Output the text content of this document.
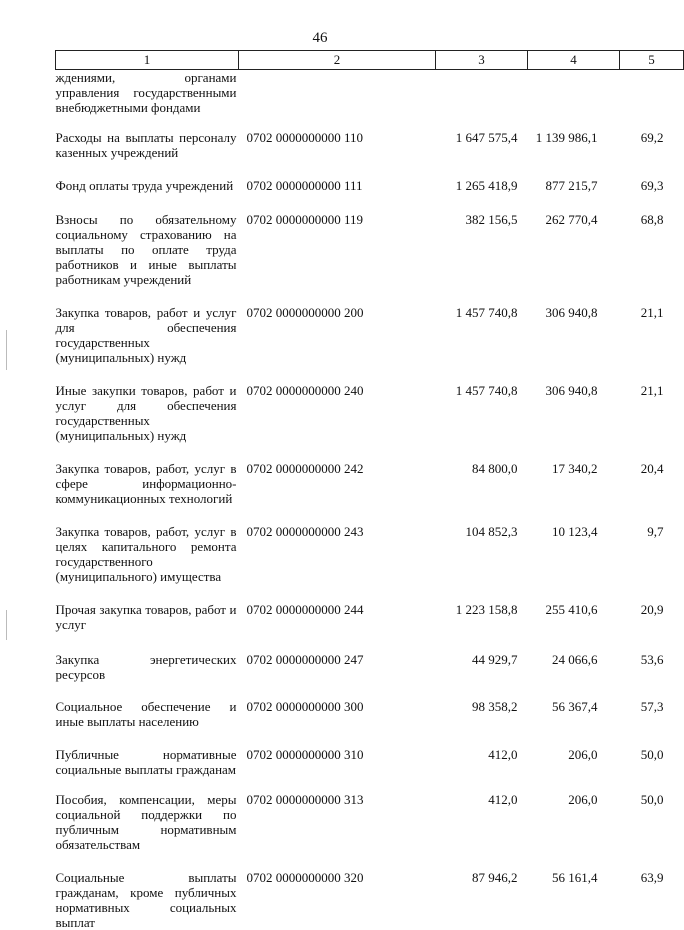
46
1	2	3	4	5
ждениями, органами управления государственными внебюджетными фондами				
Расходы на выплаты персоналу казенных учреждений	0702 0000000000 110	1 647 575,4	1 139 986,1	69,2
Фонд оплаты труда учреждений	0702 0000000000 111	1 265 418,9	877 215,7	69,3
Взносы по обязательному социальному страхованию на выплаты по оплате труда работников и иные выплаты работникам учреждений	0702 0000000000 119	382 156,5	262 770,4	68,8
Закупка товаров, работ и услуг для обеспечения государственных (муниципальных) нужд	0702 0000000000 200	1 457 740,8	306 940,8	21,1
Иные закупки товаров, работ и услуг для обеспечения государственных (муниципальных) нужд	0702 0000000000 240	1 457 740,8	306 940,8	21,1
Закупка товаров, работ, услуг в сфере информационно-коммуникационных технологий	0702 0000000000 242	84 800,0	17 340,2	20,4
Закупка товаров, работ, услуг в целях капитального ремонта государственного (муниципального) имущества	0702 0000000000 243	104 852,3	10 123,4	9,7
Прочая закупка товаров, работ и услуг	0702 0000000000 244	1 223 158,8	255 410,6	20,9
Закупка энергетических ресурсов	0702 0000000000 247	44 929,7	24 066,6	53,6
Социальное обеспечение и иные выплаты населению	0702 0000000000 300	98 358,2	56 367,4	57,3
Публичные нормативные социальные выплаты гражданам	0702 0000000000 310	412,0	206,0	50,0
Пособия, компенсации, меры социальной поддержки по публичным нормативным обязательствам	0702 0000000000 313	412,0	206,0	50,0
Социальные выплаты гражданам, кроме публичных нормативных социальных выплат	0702 0000000000 320	87 946,2	56 161,4	63,9
